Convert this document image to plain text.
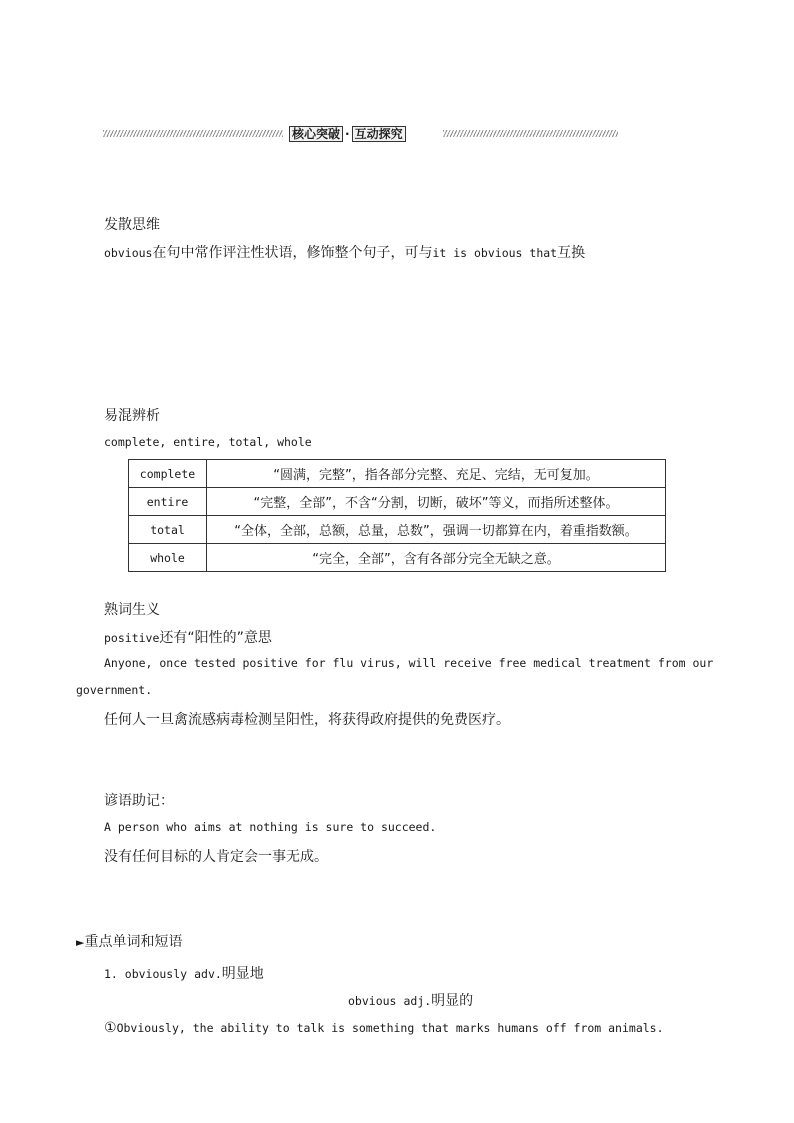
核心突破 · 互动探究
发散思维
obvious在句中常作评注性状语，修饰整个句子，可与it is obvious that互换
易混辨析
complete, entire, total, whole
complete	“圆满，完整”，指各部分完整、充足、完结，无可复加。
entire	“完整，全部”，不含“分割，切断，破坏”等义，而指所述整体。
total	“全体，全部，总额，总量，总数”，强调一切都算在内，着重指数额。
whole	“完全，全部”，含有各部分完全无缺之意。
熟词生义
positive还有“阳性的”意思
Anyone, once tested positive for flu virus, will receive free medical treatment from our
government.
任何人一旦禽流感病毒检测呈阳性，将获得政府提供的免费医疗。
谚语助记：
A person who aims at nothing is sure to succeed.
没有任何目标的人肯定会一事无成。
►重点单词和短语
1. obviously adv.明显地
obvious adj.明显的
①Obviously, the ability to talk is something that marks humans off from animals.
